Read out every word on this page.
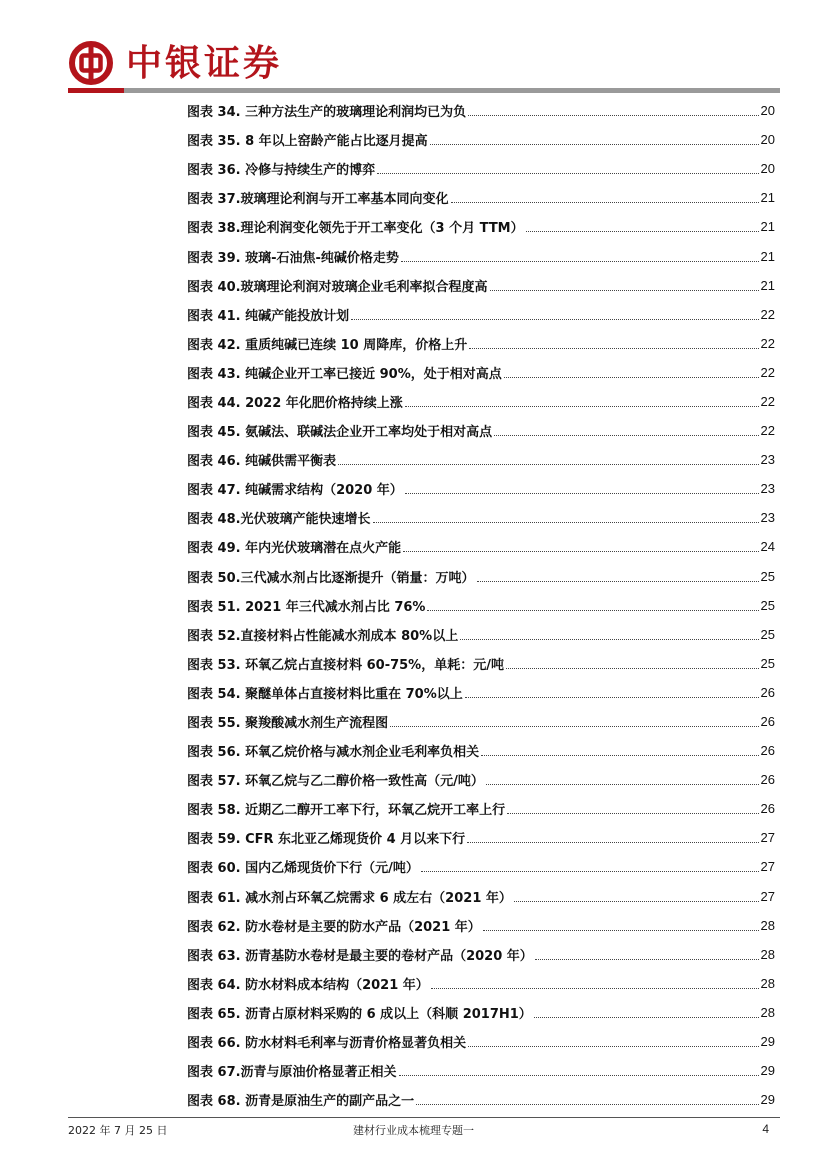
中银证券
图表 34. 三种方法生产的玻璃理论利润均已为负	20
图表 35. 8 年以上窑龄产能占比逐月提高	20
图表 36. 冷修与持续生产的博弈	20
图表 37.玻璃理论利润与开工率基本同向变化	21
图表 38.理论利润变化领先于开工率变化（3 个月 TTM）	21
图表 39. 玻璃-石油焦-纯碱价格走势	21
图表 40.玻璃理论利润对玻璃企业毛利率拟合程度高	21
图表 41. 纯碱产能投放计划	22
图表 42. 重质纯碱已连续 10 周降库，价格上升	22
图表 43. 纯碱企业开工率已接近 90%，处于相对高点	22
图表 44. 2022 年化肥价格持续上涨	22
图表 45. 氨碱法、联碱法企业开工率均处于相对高点	22
图表 46. 纯碱供需平衡表	23
图表 47. 纯碱需求结构（2020 年）	23
图表 48.光伏玻璃产能快速增长	23
图表 49. 年内光伏玻璃潜在点火产能	24
图表 50.三代减水剂占比逐渐提升（销量：万吨）	25
图表 51. 2021 年三代减水剂占比 76%	25
图表 52.直接材料占性能减水剂成本 80%以上	25
图表 53. 环氧乙烷占直接材料 60-75%，单耗：元/吨	25
图表 54. 聚醚单体占直接材料比重在 70%以上	26
图表 55. 聚羧酸减水剂生产流程图	26
图表 56. 环氧乙烷价格与减水剂企业毛利率负相关	26
图表 57. 环氧乙烷与乙二醇价格一致性高（元/吨）	26
图表 58. 近期乙二醇开工率下行，环氧乙烷开工率上行	26
图表 59. CFR 东北亚乙烯现货价 4 月以来下行	27
图表 60. 国内乙烯现货价下行（元/吨）	27
图表 61. 减水剂占环氧乙烷需求 6 成左右（2021 年）	27
图表 62. 防水卷材是主要的防水产品（2021 年）	28
图表 63. 沥青基防水卷材是最主要的卷材产品（2020 年）	28
图表 64. 防水材料成本结构（2021 年）	28
图表 65. 沥青占原材料采购的 6 成以上（科顺 2017H1）	28
图表 66. 防水材料毛利率与沥青价格显著负相关	29
图表 67.沥青与原油价格显著正相关	29
图表 68. 沥青是原油生产的副产品之一	29
2022 年 7 月 25 日	建材行业成本梳理专题一	4
